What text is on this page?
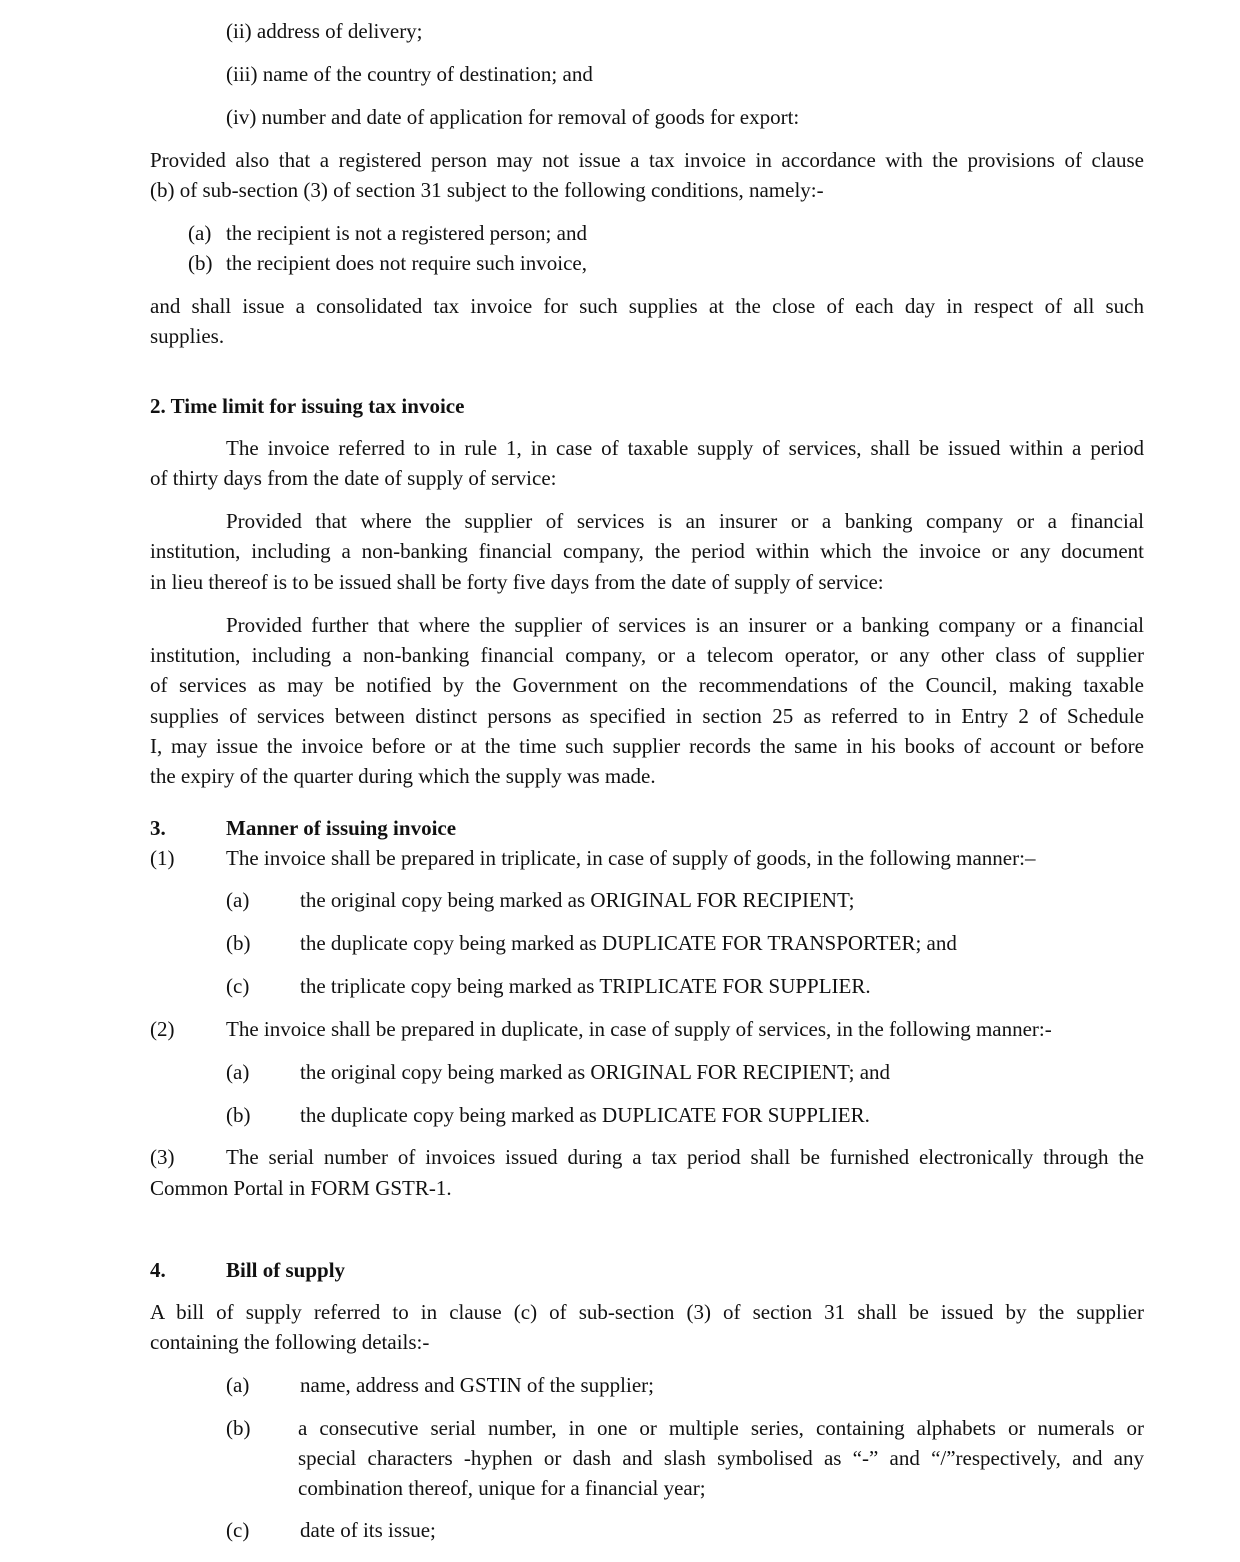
(ii) address of delivery;

(iii) name of the country of destination; and

(iv) number and date of application for removal of goods for export:

Provided also that a registered person may not issue a tax invoice in accordance with the provisions of clause

(b) of sub-section (3) of section 31 subject to the following conditions, namely:-

(a) the recipient is not a registered person; and

(b) the recipient does not require such invoice,

and shall issue a consolidated tax invoice for such supplies at the close of each day in respect of all such

supplies.

2. Time limit for issuing tax invoice

The invoice referred to in rule 1, in case of taxable supply of services, shall be issued within a period

of thirty days from the date of supply of service:

Provided that where the supplier of services is an insurer or a banking company or a financial

institution, including a non-banking financial company, the period within which the invoice or any document

in lieu thereof is to be issued shall be forty five days from the date of supply of service:

Provided further that where the supplier of services is an insurer or a banking company or a financial

institution, including a non-banking financial company, or a telecom operator, or any other class of supplier

of services as may be notified by the Government on the recommendations of the Council, making taxable

supplies of services between distinct persons as specified in section 25 as referred to in Entry 2 of Schedule

I, may issue the invoice before or at the time such supplier records the same in his books of account or before

the expiry of the quarter during which the supply was made.

3.	Manner of issuing invoice

(1) The invoice shall be prepared in triplicate, in case of supply of goods, in the following manner:–

(a) the original copy being marked as ORIGINAL FOR RECIPIENT;

(b) the duplicate copy being marked as DUPLICATE FOR TRANSPORTER; and

(c) the triplicate copy being marked as TRIPLICATE FOR SUPPLIER.

(2) The invoice shall be prepared in duplicate, in case of supply of services, in the following manner:-

(a) the original copy being marked as ORIGINAL FOR RECIPIENT; and

(b) the duplicate copy being marked as DUPLICATE FOR SUPPLIER.

(3) The serial number of invoices issued during a tax period shall be furnished electronically through the

Common Portal in FORM GSTR-1.

4.	Bill of supply

A bill of supply referred to in clause (c) of sub-section (3) of section 31 shall be issued by the supplier

containing the following details:-

(a) name, address and GSTIN of the supplier;

(b) a consecutive serial number, in one or multiple series, containing alphabets or numerals or

special characters -hyphen or dash and slash symbolised as “-” and “/”respectively, and any

combination thereof, unique for a financial year;

(c) date of its issue;
